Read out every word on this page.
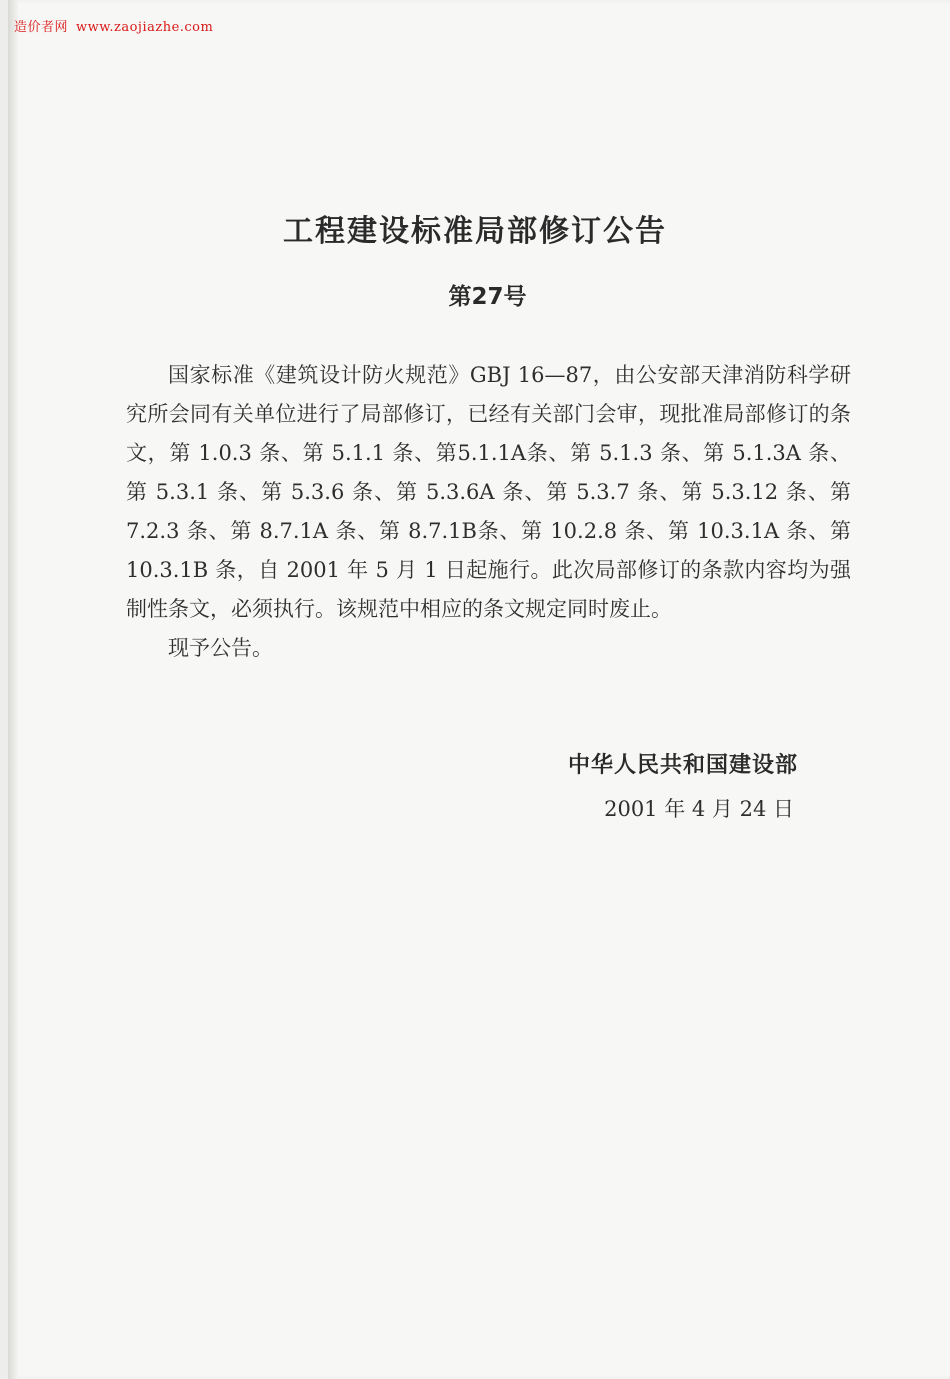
造价者网 www.zaojiazhe.com
工程建设标准局部修订公告
第27号

国家标准《建筑设计防火规范》GBJ 16—87，由公安部天津消防科学研究所会同有关单位进行了局部修订，已经有关部门会审，现批准局部修订的条文，第 1.0.3 条、第 5.1.1 条、第5.1.1A条、第 5.1.3 条、第 5.1.3A 条、第 5.3.1 条、第 5.3.6 条、第 5.3.6A 条、第 5.3.7 条、第 5.3.12 条、第 7.2.3 条、第 8.7.1A 条、第 8.7.1B条、第 10.2.8 条、第 10.3.1A 条、第 10.3.1B 条，自 2001 年 5 月 1 日起施行。此次局部修订的条款内容均为强制性条文，必须执行。该规范中相应的条文规定同时废止。

现予公告。

中华人民共和国建设部
2001 年 4 月 24 日
